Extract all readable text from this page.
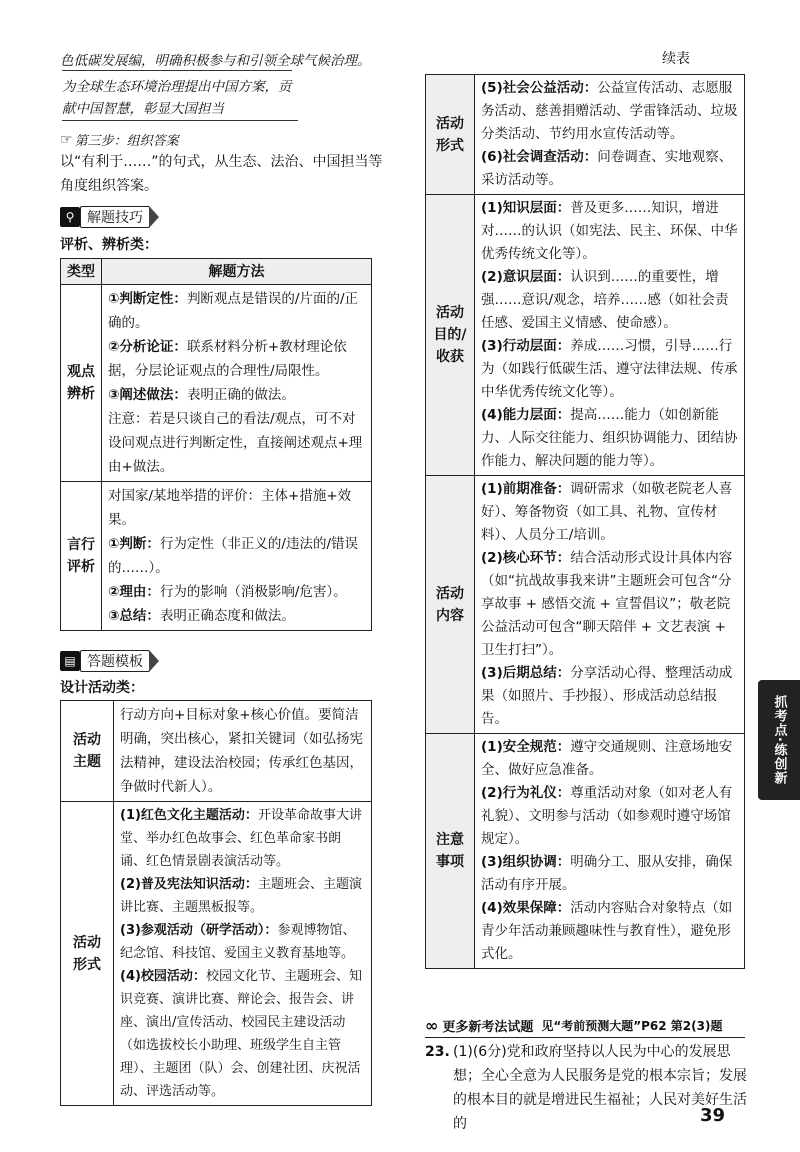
色低碳发展编，明确积极参与和引领全球气候治理。
为全球生态环境治理提出中国方案，贡献中国智慧，彰显大国担当
☞ 第三步：组织答案
以“有利于……”的句式，从生态、法治、中国担当等角度组织答案。
⚲ 解题技巧
评析、辨析类：
类型	解题方法
观点辨析	①判断定性：判断观点是错误的/片面的/正确的。
②分析论证：联系材料分析+教材理论依据，分层论证观点的合理性/局限性。
③阐述做法：表明正确的做法。
注意：若是只谈自己的看法/观点，可不对设问观点进行判断定性，直接阐述观点+理由+做法。

言行评析	对国家/某地举措的评价：主体+措施+效果。
①判断：行为定性（非正义的/违法的/错误的……）。
②理由：行为的影响（消极影响/危害）。
③总结：表明正确态度和做法。
▤ 答题模板
设计活动类：
活动主题	行动方向+目标对象+核心价值。要简洁明确，突出核心，紧扣关键词（如弘扬宪法精神，建设法治校园；传承红色基因，争做时代新人）。
活动形式	(1)红色文化主题活动：开设革命故事大讲堂、举办红色故事会、红色革命家书朗诵、红色情景剧表演活动等。
(2)普及宪法知识活动：主题班会、主题演讲比赛、主题黑板报等。
(3)参观活动（研学活动）：参观博物馆、纪念馆、科技馆、爱国主义教育基地等。
(4)校园活动：校园文化节、主题班会、知识竞赛、演讲比赛、辩论会、报告会、讲座、演出/宣传活动、校园民主建设活动（如选拔校长小助理、班级学生自主管理）、主题团（队）会、创建社团、庆祝活动、评选活动等。
续表
活动形式	(5)社会公益活动：公益宣传活动、志愿服务活动、慈善捐赠活动、学雷锋活动、垃圾分类活动、节约用水宣传活动等。
(6)社会调查活动：问卷调查、实地观察、采访活动等。

活动目的/收获	(1)知识层面：普及更多……知识，增进对……的认识（如宪法、民主、环保、中华优秀传统文化等）。
(2)意识层面：认识到……的重要性，增强……意识/观念，培养……感（如社会责任感、爱国主义情感、使命感）。
(3)行动层面：养成……习惯，引导……行为（如践行低碳生活、遵守法律法规、传承中华优秀传统文化等）。
(4)能力层面：提高……能力（如创新能力、人际交往能力、组织协调能力、团结协作能力、解决问题的能力等）。

活动内容	(1)前期准备：调研需求（如敬老院老人喜好）、筹备物资（如工具、礼物、宣传材料）、人员分工/培训。
(2)核心环节：结合活动形式设计具体内容（如“抗战故事我来讲”主题班会可包含“分享故事 + 感悟交流 + 宣誓倡议”；敬老院公益活动可包含“聊天陪伴 + 文艺表演 + 卫生打扫”）。
(3)后期总结：分享活动心得、整理活动成果（如照片、手抄报）、形成活动总结报告。

注意事项	(1)安全规范：遵守交通规则、注意场地安全、做好应急准备。
(2)行为礼仪：尊重活动对象（如对老人有礼貌）、文明参与活动（如参观时遵守场馆规定）。
(3)组织协调：明确分工、服从安排，确保活动有序开展。
(4)效果保障：活动内容贴合对象特点（如青少年活动兼顾趣味性与教育性），避免形式化。
∞ 更多新考法试题 见“考前预测大题”P62 第2(3)题
23. (1)(6分)党和政府坚持以人民为中心的发展思想；全心全意为人民服务是党的根本宗旨；发展的根本目的就是增进民生福祉；人民对美好生活的
抓考点·练创新
39
